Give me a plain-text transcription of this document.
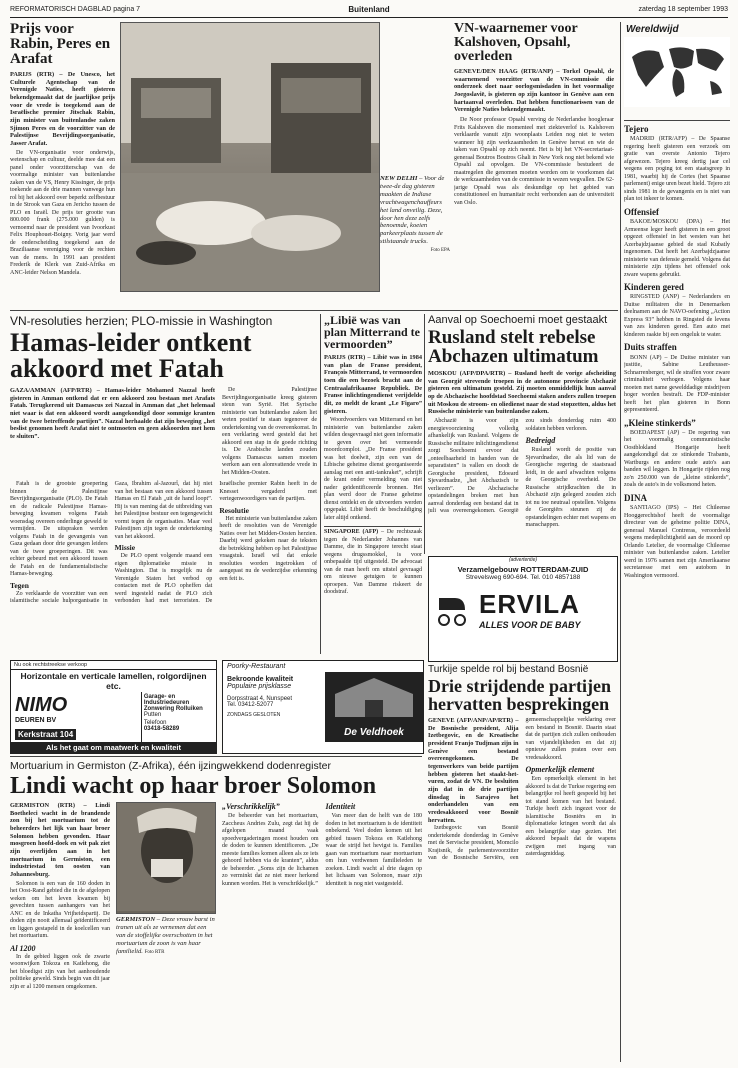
REFORMATORISCH DAGBLAD pagina 7	Buitenland	zaterdag 18 september 1993
Prijs voor Rabin, Peres en Arafat
PARIJS (RTR) – De Unesco, het Culturele Agentschap van de Verenigde Naties, heeft gisteren bekendgemaakt dat de jaarlijkse prijs voor de vrede is toegekend aan de Israëlische premier Jitschak Rabin, zijn minister van buitenlandse zaken Sjimon Peres en de voorzitter van de Palestijnse Bevrijdingsorganisatie, Jasser Arafat.
De VN-organisatie voor onderwijs, wetenschap en cultuur, deelde mee dat een panel onder voorzitterschap van de voormalige minister van buitenlandse zaken van de VS, Henry Kissinger, de prijs toekende aan de drie mannen vanwege hun rol bij het akkoord over beperkt zelfbestuur in de Strook van Gaza en Jericho tussen de PLO en Israël. De prijs ter grootte van 800.000 frank (275.000 gulden) is vernoemd naar de president van Ivoorkust Felix Houphouet-Boigny. Vorig jaar werd de onderscheiding toegekend aan de Braziliaanse vereniging voor de rechten van de mens. In 1991 aan president Frederik de Klerk van Zuid-Afrika en ANC-leider Nelson Mandela.
NEW DELHI – Voor de twee-de dag gisteren maakten de Indiase vrachtwagenchauffeurs het land onveilig. Deze, door hen deze zelfs benoemde, koeien parkeerplaats tussen de stilstaande trucks.
Foto EPA
VN-waarnemer voor Kalshoven, Opsahl, overleden
GENEVE/DEN HAAG (RTR/ANP) – Torkel Opsahl, de waarnemend voorzitter van de VN-commissie die onderzoek doet naar oorlogsmisdaden in het voormalige Joegoslavië, is gisteren op zijn kantoor in Genève aan een hartaanval overleden. Dat hebben functionarissen van de Verenigde Naties bekendgemaakt.
De Noor professor Opsahl verving de Nederlandse hoogleraar Frits Kalshoven die momenteel met ziekteverlof is. Kalshoven verklaarde vanuit zijn woonplaats Leiden nog niet te weten wanneer hij zijn werkzaamheden in Genève hervat en wie de taken van Opsahl op zich neemt. Het is bij het VN-secretariaat-generaal Boutros Boutros Ghali in New York nog niet bekend wie Opsahl zal opvolgen. De VN-commissie bestudeert de maatregelen die genomen moeten worden om te voorkomen dat de werkzaamheden van de commissie in wezen wegvallen. De 62-jarige Opsahl was als deskundige op het gebied van constitutioneel en humanitair recht verbonden aan de universiteit van Oslo.
Wereldwijd
Tejero

MADRID (RTR/AFP) – De Spaanse regering heeft gisteren een verzoek om gratie van overste Antonio Tejero afgewezen. Tejero kreeg dertig jaar cel wegens een poging tot een staatsgreep in 1981, waarbij hij de Cortes (het Spaanse parlement) enige uren bezet hield. Tejero zit sinds 1981 in de gevangenis en is niet van plan tot inkeer te komen.

Offensief

BAKOE/MOSKOU (DPA) – Het Armeense leger heeft gisteren in een groot opgezet offensief in het westen van het Azerbajdzjaanse gebied de stad Kubatly ingenomen. Dat heeft het Azerbajdzjaanse ministerie van defensie gemeld. Volgens dat ministerie zijn tijdens het offensief ook zware wapens gebruikt.

Kinderen gered

RINGSTED (ANP) – Nederlanders en Duitse militairen die in Denemarken deelnamen aan de NAVO-oefening „Action Express 93” hebben in Ringsted de levens van zes kinderen gered. Een auto met kinderen raakte bij een ongeluk te water.

Duits straffen

BONN (AP) – De Duitse minister van justitie, Sabine Leutheusser-Schnarrenberger, wil de straffen voor zware criminaliteit verhogen. Volgens haar moeten met name gewelddadige misdrijven hoger worden bestraft. De FDP-minister heeft het plan gisteren in Bonn gepresenteerd.

„Kleine stinkerds”

BOEDAPEST (AP) – De regering van het voormalig communistische Oostblokland Hongarije heeft aangekondigd dat ze stinkende Trabants, Wartburgs en andere oude auto's aan banden wil leggen. In Hongarije rijden nog zo'n 250.000 van de „kleine stinkerds”, zoals de auto's in de volksmond heten.

DINA

SANTIAGO (IPS) – Het Chileense Hooggerechtshof heeft de voormalige directeur van de geheime politie DINA, generaal Manuel Contreras, veroordeeld wegens medeplichtigheid aan de moord op Orlando Letelier, de voormalige Chileense minister van buitenlandse zaken. Letelier werd in 1976 samen met zijn Amerikaanse secretaresse met een autobom in Washington vermoord.

VN-resoluties herzien; PLO-missie in Washington
Hamas-leider ontkent akkoord met Fatah
GAZA/AMMAN (AFP/RTR) – Hamas-leider Mohamed Nazzal heeft gisteren in Amman ontkend dat er een akkoord zou bestaan met Arafats Fatah. Terugkerend uit Damascus zei Nazzal in Amman dat „het helemaal niet waar is dat een akkoord wordt aangekondigd door sommige kranten van de twee betreffende partijen”. Nazzal herhaalde dat zijn beweging „het beslist genomen heeft Arafat niet te ontmoeten en geen akkoorden met hem te sluiten”.

De Palestijnse Bevrijdingsorganisatie kreeg gisteren steun van Syrië. Het Syrische ministerie van buitenlandse zaken liet weten positief te staan tegenover de ondertekening van de overeenkomst. In een verklaring werd gesteld dat het akkoord een stap in de goede richting is. De Arabische landen zouden volgens Damascus samen moeten werken aan een alomvattende vrede in het Midden-Oosten.

Fatah is de grootste groepering binnen de Palestijnse Bevrijdingsorganisatie (PLO). De Fatah en de radicale Palestijnse Hamas-beweging kwamen volgens Fatah woensdag overeen onderlinge geweld te vermijden. De uitspraken werden volgens Fatah in de gevangenis van Gaza gedaan door drie gevangen leiders van de twee groeperingen. Dit was echter gebeurd met een akkoord tussen de Fatah en de fundamentalistische Hamas-beweging.

Tegen

Zo verklaarde de voorzitter van een islamitische sociale hulporganisatie in Gaza, Ibrahim al-Jazourî, dat hij niet van het bestaan van een akkoord tussen Hamas en El Fatah „uit de hand loopt”. Hij is van mening dat de uitbreiding van het Palestijnse bestuur een tegengewicht vormt tegen de organisaties. Maar veel Palestijnen zijn tegen de ondertekening van het akkoord.

Missie

De PLO opent volgende maand een eigen diplomatieke missie in Washington. Dat is mogelijk nu de Verenigde Staten het verbod op contacten met de PLO opheffen dat werd ingesteld nadat de PLO zich verbonden had met terroristen. De Israëlische premier Rabin heeft in de Knesset vergaderd met vertegenwoordigers van de partijen.

Resolutie

Het ministerie van buitenlandse zaken heeft de resoluties van de Verenigde Naties over het Midden-Oosten herzien. Daarbij werd gekeken naar de teksten die betrekking hebben op het Palestijnse vraagstuk. Israël wil dat enkele resoluties worden ingetrokken of aangepast nu de wederzijdse erkenning een feit is.

„Libië was van plan Mitterrand te vermoorden”
PARIJS (RTR) – Libië was in 1984 van plan de Franse president, François Mitterrand, te vermoorden toen die een bezoek bracht aan de Centraalafrikaanse Republiek. De Franse inlichtingendienst verijdelde dit, zo meldt de krant „Le Figaro” gisteren.
Woordvoerders van Mitterrand en het ministerie van buitenlandse zaken wilden desgevraagd niet geen informatie te geven over het vermeende moordcomplot. „De Franse president was het doelwit, zijn een van de Libische geheime dienst georganiseerde aanslag met een anti-tankraket”, schrijft de krant onder vermelding van niet nader geïdentificeerde bronnen. Het plan werd door de Franse geheime dienst ontdekt en de uitvoerders werden opgepakt. Libië heeft de beschuldiging later altijd ontkend.
SINGAPORE (AFP) – De rechtszaak tegen de Nederlander Johannes van Damme, die in Singapore terecht staat wegens drugssmokkel, is voor onbepaalde tijd uitgesteld. De advocaat van de man heeft om uitstel gevraagd om nieuwe getuigen te kunnen oproepen. Van Damme riskeert de doodstraf.
Aanval op Soechoemi moet gestaakt
Rusland stelt rebelse Abchazen ultimatum
MOSKOU (AFP/DPA/RTR) – Rusland heeft de vorige afscheiding van Georgië strevende troepen in de autonome provincie Abchazië gisteren een ultimatum gesteld. Zij moeten onmiddellijk hun aanval op de Abchazische hoofdstad Soechoemi staken anders zullen troepen uit Moskou de stroom- en oliedienst naar de stad stopzetten, aldus het Russische ministerie van buitenlandse zaken.

Abchazië is voor zijn energievoorziening volledig afhankelijk van Rusland. Volgens de Russische militaire inlichtingendienst zorgt Soechoemi ervoor dat „onteelbaarheid in handen van de separatisten” is vallen en doodt de Georgische president, Edoeard Sjevardnadze, „het Abchazisch te verliezen”. De Abchazische opstandelingen breken met hun aanval donderdag een bestand dat in juli was overeengekomen. Georgië zou sinds donderdag ruim 400 soldaten hebben verloren.

Bedreigd

Rusland wordt de positie van Sjevardnadze, die als lid van de Georgische regering de staatsraad leidt, in de aard afwachten volgens de Georgische overheid. De Russische strijdkrachten die in Abchazië zijn gelegerd zouden zich tot nu toe neutraal opstellen. Volgens de Georgiërs steunen zij de opstandelingen echter met wapens en manschappen.

(advertentie)
Verzamelgebouw ROTTERDAM-ZUID
Strevelsweg 690-694. Tel. 010 4857188
ERVILA
ALLES VOOR DE BABY
Nu ook rechtstreekse verkoop
Horizontale en verticale lamellen, rolgordijnen etc.
NIMO
DEUREN BV
Kerkstraat 104
Garage- en Industriedeuren Zonwering Rolluiken
Putten
Telefoon
03418-58289
Als het gaat om maatwerk en kwaliteit
Poorky-Restaurant
Bekroonde kwaliteit
Populaire prijsklasse
Dorpsstraat 4, Nunspeet
Tel. 03412-52077
ZONDAGS GESLOTEN
De Veldhoek
Turkije spelde rol bij bestand Bosnië
Drie strijdende partijen hervatten besprekingen

GENEVE (AFP/ANP/AP/RTR) – De Bosnische president, Alija Izetbegovic, en de Kroatische president Franjo Tudjman zijn in Genève een bestand overeengekomen. De tegenwerkers van beide partijen hebben gisteren het staakt-het-vuren, zodat de VN. De besluiten zijn dat in de drie partijen dinsdag in Sarajevo het onderhandelen van een vredesakkoord voor Bosnië hervatten.

Izetbegovic van Bosnië ondertekende donderdag in Genève met de Servische president, Momcilo Krajisnik, de parlementsvoorzitter van de Bosnische Serviërs, een gemeenschappelijke verklaring over een bestand in Bosnië. Daarin staat dat de partijen zich zullen onthouden van vijandelijkheden en dat zij opnieuw zullen praten over een vredesakkoord.

Opmerkelijk element

Een opmerkelijk element in het akkoord is dat de Turkse regering een belangrijke rol heeft gespeeld bij het tot stand komen van het bestand. Turkije heeft zich ingezet voor de islamitische Bosniërs en in diplomatieke kringen wordt dat als een belangrijke stap gezien. Het akkoord bepaalt dat de wapens zwijgen met ingang van zaterdagmiddag.

Mortuarium in Germiston (Z-Afrika), één ijzingwekkend dodenregister
Lindi wacht op haar broer Solomon
GERMISTON (RTR) – Lindi Boetheleci wacht in de brandende zon bij het mortuarium tot de beheerders het lijk van haar broer Solomon hebben gevonden. Haar mosgroen hoofd-doek en wit pak ziet zijn overlijden aan in het mortuarium in Germiston, een industriestad ten oosten van Johannesburg.
Solomon is een van de 160 doden in het Oost-Rand gebied die in de afgelopen weken om het leven kwamen bij gevechten tussen aanhangers van het ANC en de Inkatha Vrijheidspartij. De doden zijn nooit allemaal geïdentificeerd en liggen gestapeld in de koelcellen van het mortuarium.
Al 1200
In de gebied liggen ook de zwarte woonwijken Tokoza en Katlehong, die het bloedigst zijn van het aanhoudende politieke geweld. Sinds begin van dit jaar zijn er al 1200 mensen omgekomen.
GERMISTON – Deze vrouw barst in tranen uit als ze vernemen dat een van de stoffelijke overschotten in het mortuarium de zoon is van haar familielid. Foto RTR
„Verschrikkelijk”

De beheerder van het mortuarium, Zaccheus Andries Zulu, zegt dat hij de afgelopen maand vaak spoedvergaderingen moest houden om de doden te kunnen identificeren. „De meeste families komen alleen als ze iets gehoord hebben via de kranten”, aldus de beheerder. „Soms zijn de lichamen zo verminkt dat ze niet meer herkend kunnen worden. Het is verschrikkelijk.”

Identiteit

Van meer dan de helft van de 180 doden in het mortuarium is de identiteit onbekend. Veel doden komen uit het gebied tussen Tokoza en Katlehong waar de strijd het hevigst is. Families gaan van mortuarium naar mortuarium om hun verdwenen familieleden te zoeken. Lindi wacht al drie dagen op het lichaam van Solomon, maar zijn identiteit is nog niet vastgesteld.
